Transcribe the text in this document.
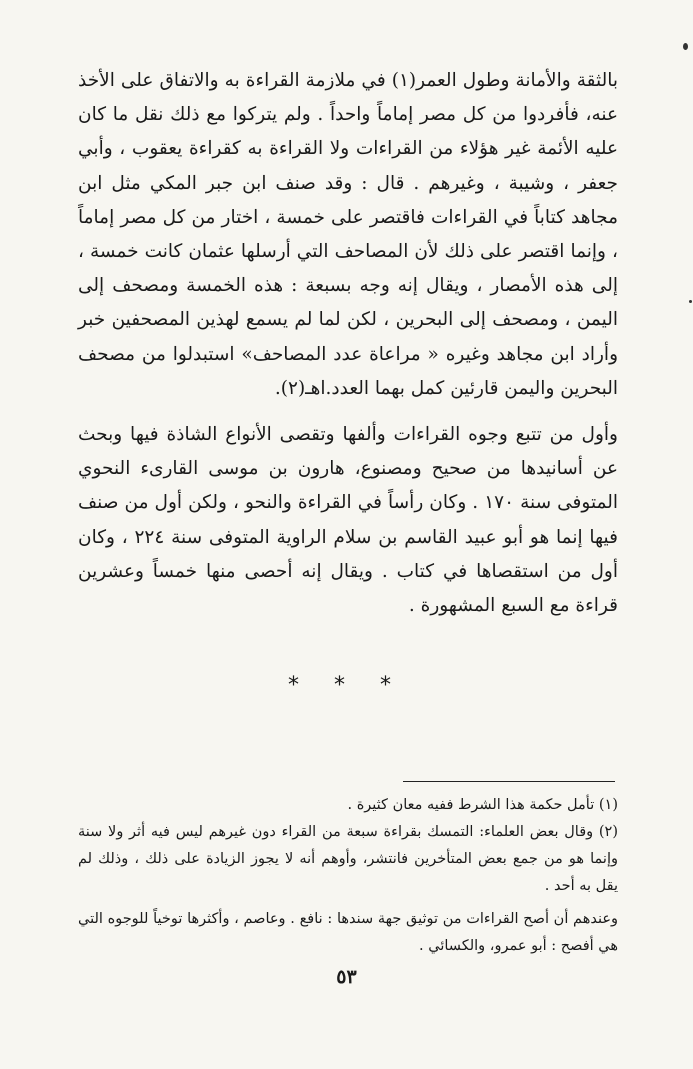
بالثقة والأمانة وطول العمر(١) في ملازمة القراءة به والاتفاق على الأخذ عنه، فأفردوا من كل مصر إماماً واحداً . ولم يتركوا مع ذلك نقل ما كان عليه الأئمة غير هؤلاء من القراءات ولا القراءة به كقراءة يعقوب ، وأبي جعفر ، وشيبة ، وغيرهم . قال : وقد صنف ابن جبر المكي مثل ابن مجاهد كتاباً في القراءات فاقتصر على خمسة ، اختار من كل مصر إماماً ، وإنما اقتصر على ذلك لأن المصاحف التي أرسلها عثمان كانت خمسة ، إلى هذه الأمصار ، ويقال إنه وجه بسبعة : هذه الخمسة ومصحف إلى اليمن ، ومصحف إلى البحرين ، لكن لما لم يسمع لهذين المصحفين خبر وأراد ابن مجاهد وغيره « مراعاة عدد المصاحف» استبدلوا من مصحف البحرين واليمن قارئين كمل بهما العدد.اهـ(٢).

وأول من تتبع وجوه القراءات وألفها وتقصى الأنواع الشاذة فيها وبحث عن أسانيدها من صحيح ومصنوع، هارون بن موسى القارىء النحوي المتوفى سنة ١٧٠ . وكان رأساً في القراءة والنحو ، ولكن أول من صنف فيها إنما هو أبو عبيد القاسم بن سلام الراوية المتوفى سنة ٢٢٤ ، وكان أول من استقصاها في كتاب . ويقال إنه أحصى منها خمساً وعشرين قراءة مع السبع المشهورة .

* * *

(١) تأمل حكمة هذا الشرط ففيه معان كثيرة .

(٢) وقال بعض العلماء: التمسك بقراءة سبعة من القراء دون غيرهم ليس فيه أثر ولا سنة وإنما هو من جمع بعض المتأخرين فانتشر، وأوهم أنه لا يجوز الزيادة على ذلك ، وذلك لم يقل به أحد .

وعندهم أن أصح القراءات من توثيق جهة سندها : نافع . وعاصم ، وأكثرها توخياً للوجوه التي هي أفصح : أبو عمرو، والكسائي .

٥٣
